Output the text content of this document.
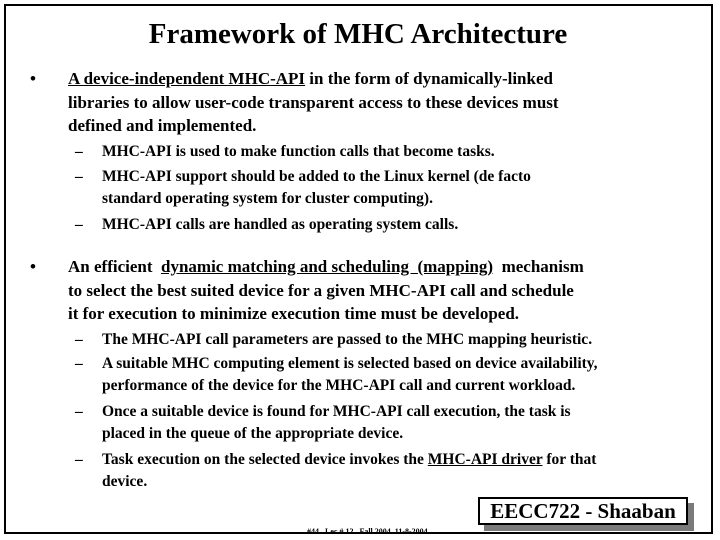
Framework of MHC Architecture
• A device-independent MHC-API in the form of dynamically-linked
libraries to allow user-code transparent access to these devices must
defined and implemented.
– MHC-API is used to make function calls that become tasks.
– MHC-API support should be added to the Linux kernel (de facto
standard operating system for cluster computing).
– MHC-API calls are handled as operating system calls.
• An efficient  dynamic matching and scheduling  (mapping)  mechanism
to select the best suited device for a given MHC-API call and schedule
it for execution to minimize execution time must be developed.
– The MHC-API call parameters are passed to the MHC mapping heuristic.
– A suitable MHC computing element is selected based on device availability,
performance of the device for the MHC-API call and current workload.
– Once a suitable device is found for MHC-API call execution, the task is
placed in the queue of the appropriate device.
– Task execution on the selected device invokes the MHC-API driver for that
device.
EECC722 - Shaaban
#44   Lec # 12   Fall 2004  11-8-2004
